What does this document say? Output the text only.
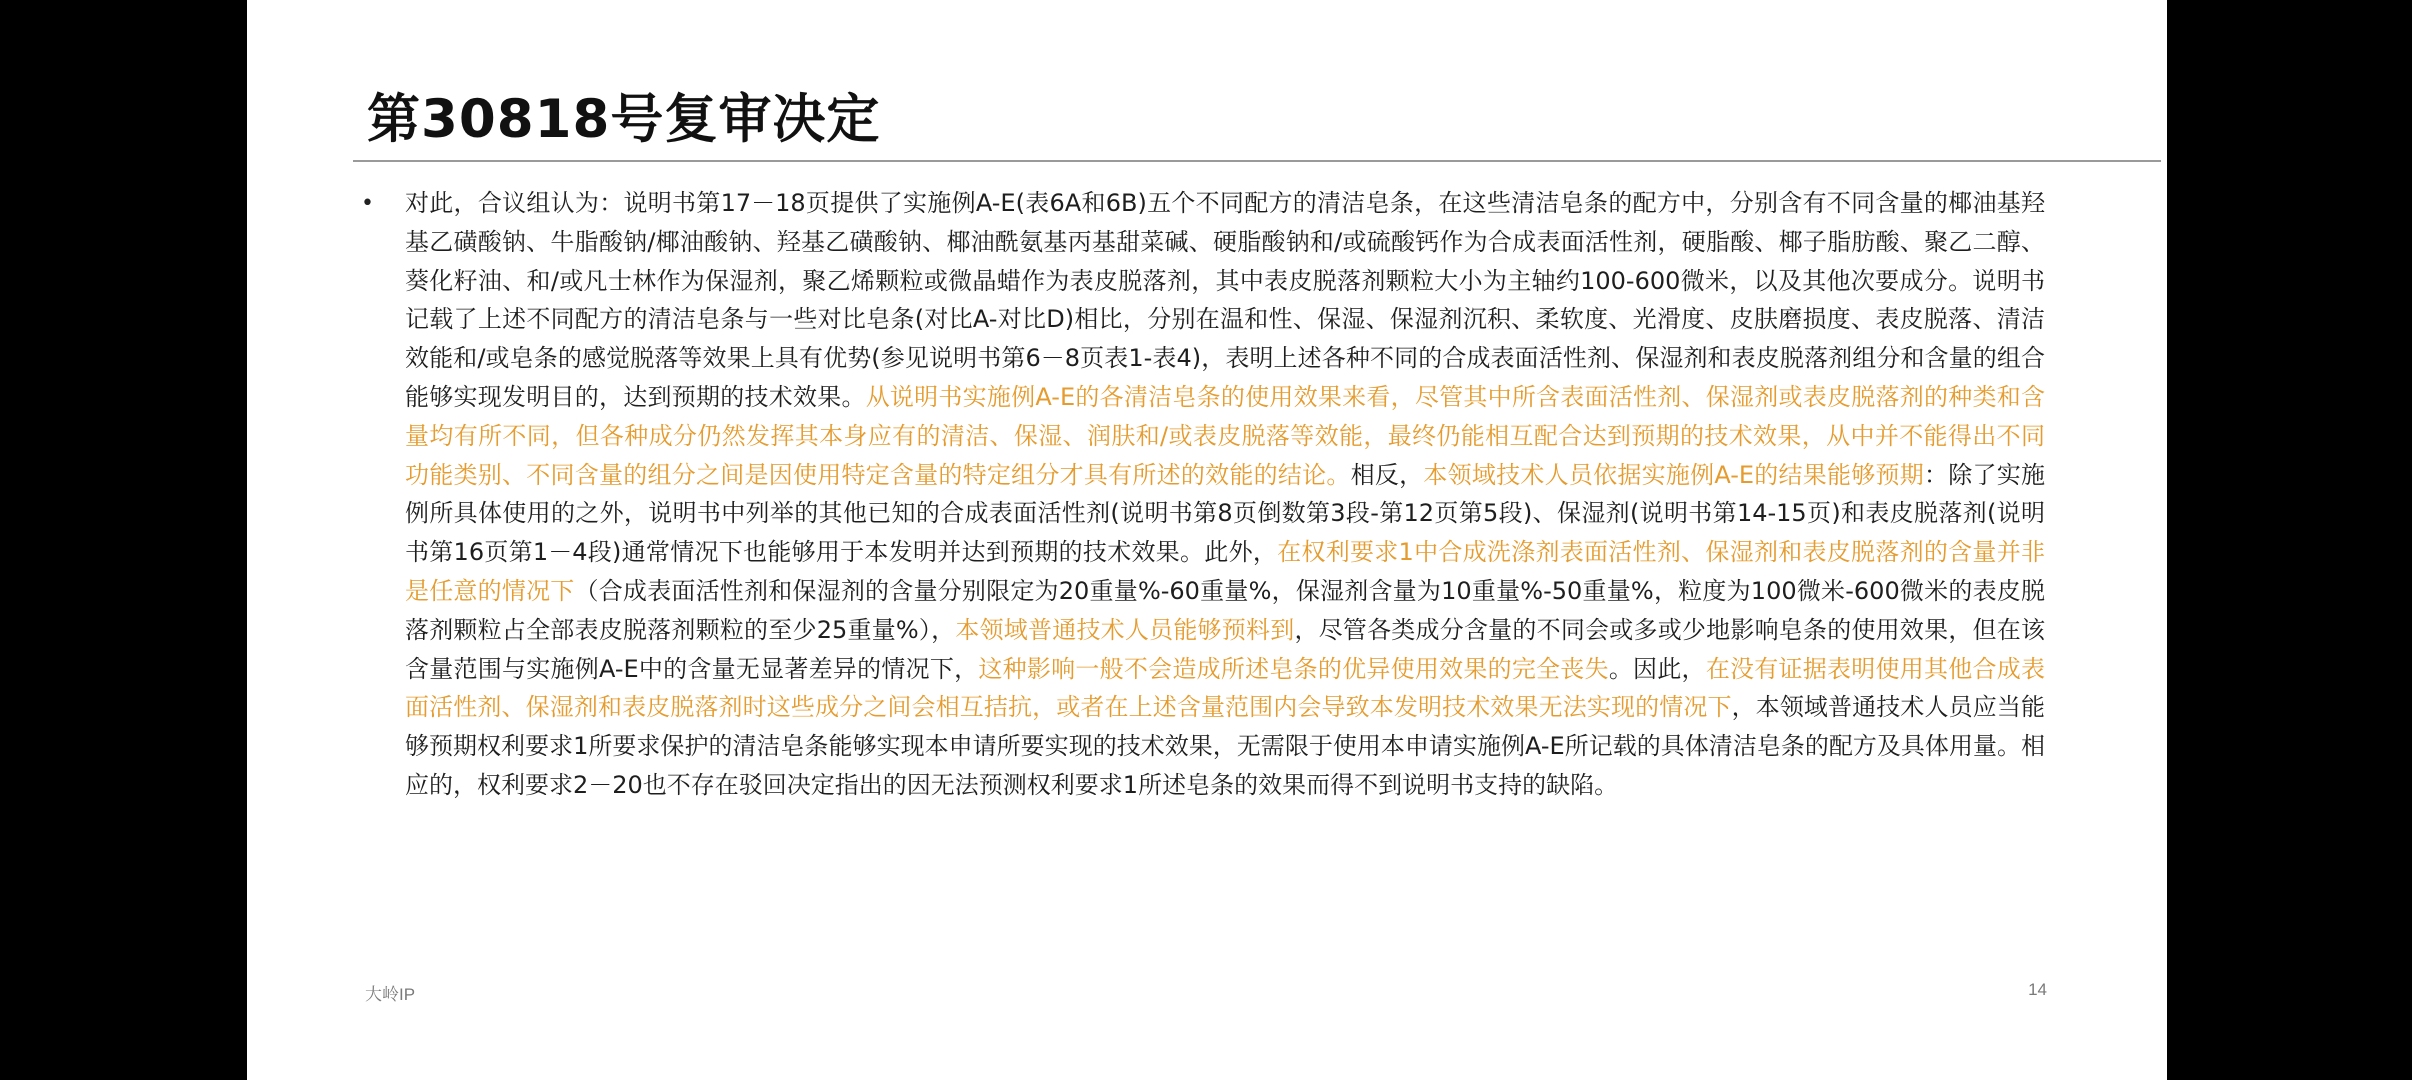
第30818号复审决定
•	对此，合议组认为：说明书第17－18页提供了实施例A-E(表6A和6B)五个不同配方的清洁皂条，在这些清洁皂条的配方中，分别含有不同含量的椰油基羟基乙磺酸钠、牛脂酸钠/椰油酸钠、羟基乙磺酸钠、椰油酰氨基丙基甜菜碱、硬脂酸钠和/或硫酸钙作为合成表面活性剂，硬脂酸、椰子脂肪酸、聚乙二醇、葵化籽油、和/或凡士林作为保湿剂，聚乙烯颗粒或微晶蜡作为表皮脱落剂，其中表皮脱落剂颗粒大小为主轴约100-600微米，以及其他次要成分。说明书记载了上述不同配方的清洁皂条与一些对比皂条(对比A-对比D)相比，分别在温和性、保湿、保湿剂沉积、柔软度、光滑度、皮肤磨损度、表皮脱落、清洁效能和/或皂条的感觉脱落等效果上具有优势(参见说明书第6－8页表1-表4)，表明上述各种不同的合成表面活性剂、保湿剂和表皮脱落剂组分和含量的组合能够实现发明目的，达到预期的技术效果。从说明书实施例A-E的各清洁皂条的使用效果来看，尽管其中所含表面活性剂、保湿剂或表皮脱落剂的种类和含量均有所不同，但各种成分仍然发挥其本身应有的清洁、保湿、润肤和/或表皮脱落等效能，最终仍能相互配合达到预期的技术效果，从中并不能得出不同功能类别、不同含量的组分之间是因使用特定含量的特定组分才具有所述的效能的结论。相反，本领域技术人员依据实施例A-E的结果能够预期：除了实施例所具体使用的之外，说明书中列举的其他已知的合成表面活性剂(说明书第8页倒数第3段-第12页第5段)、保湿剂(说明书第14-15页)和表皮脱落剂(说明书第16页第1－4段)通常情况下也能够用于本发明并达到预期的技术效果。此外，在权利要求1中合成洗涤剂表面活性剂、保湿剂和表皮脱落剂的含量并非是任意的情况下（合成表面活性剂和保湿剂的含量分别限定为20重量%-60重量%，保湿剂含量为10重量%-50重量%，粒度为100微米-600微米的表皮脱落剂颗粒占全部表皮脱落剂颗粒的至少25重量%），本领域普通技术人员能够预料到，尽管各类成分含量的不同会或多或少地影响皂条的使用效果，但在该含量范围与实施例A-E中的含量无显著差异的情况下，这种影响一般不会造成所述皂条的优异使用效果的完全丧失。因此，在没有证据表明使用其他合成表面活性剂、保湿剂和表皮脱落剂时这些成分之间会相互拮抗，或者在上述含量范围内会导致本发明技术效果无法实现的情况下，本领域普通技术人员应当能够预期权利要求1所要求保护的清洁皂条能够实现本申请所要实现的技术效果，无需限于使用本申请实施例A-E所记载的具体清洁皂条的配方及具体用量。相应的，权利要求2－20也不存在驳回决定指出的因无法预测权利要求1所述皂条的效果而得不到说明书支持的缺陷。
大岭IP	14
